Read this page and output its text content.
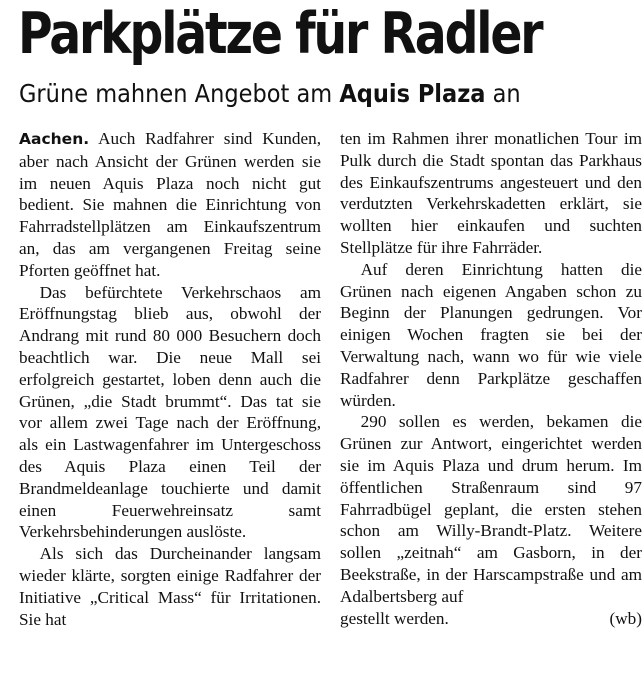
Parkplätze für Radler
Grüne mahnen Angebot am Aquis Plaza an

Aachen. Auch Radfahrer sind Kunden, aber nach Ansicht der Grünen werden sie im neuen Aquis Plaza noch nicht gut bedient. Sie mahnen die Einrichtung von Fahrradstellplätzen am Einkaufszentrum an, das am vergangenen Freitag seine Pforten geöffnet hat.

Das befürchtete Verkehrschaos am Eröffnungstag blieb aus, obwohl der Andrang mit rund 80 000 Besuchern doch beachtlich war. Die neue Mall sei erfolgreich gestartet, loben denn auch die Grünen, „die Stadt brummt“. Das tat sie vor allem zwei Tage nach der Eröffnung, als ein Lastwagenfahrer im Untergeschoss des Aquis Plaza einen Teil der Brandmeldeanlage touchierte und damit einen Feuerwehreinsatz samt Verkehrsbehinderungen auslöste.

Als sich das Durcheinander langsam wieder klärte, sorgten einige Radfahrer der Initiative „Critical Mass“ für Irritationen. Sie hat

ten im Rahmen ihrer monatlichen Tour im Pulk durch die Stadt spontan das Parkhaus des Einkaufszentrums angesteuert und den verdutzten Verkehrskadetten erklärt, sie wollten hier einkaufen und suchten Stellplätze für ihre Fahrräder.

Auf deren Einrichtung hatten die Grünen nach eigenen Angaben schon zu Beginn der Planungen gedrungen. Vor einigen Wochen fragten sie bei der Verwaltung nach, wann wo für wie viele Radfahrer denn Parkplätze geschaffen würden.

290 sollen es werden, bekamen die Grünen zur Antwort, eingerichtet werden sie im Aquis Plaza und drum herum. Im öffentlichen Straßenraum sind 97 Fahrradbügel geplant, die ersten stehen schon am Willy-Brandt-Platz. Weitere sollen „zeitnah“ am Gasborn, in der Beekstraße, in der Harscampstraße und am Adalbertsberg auf

gestellt werden.	(wb)
